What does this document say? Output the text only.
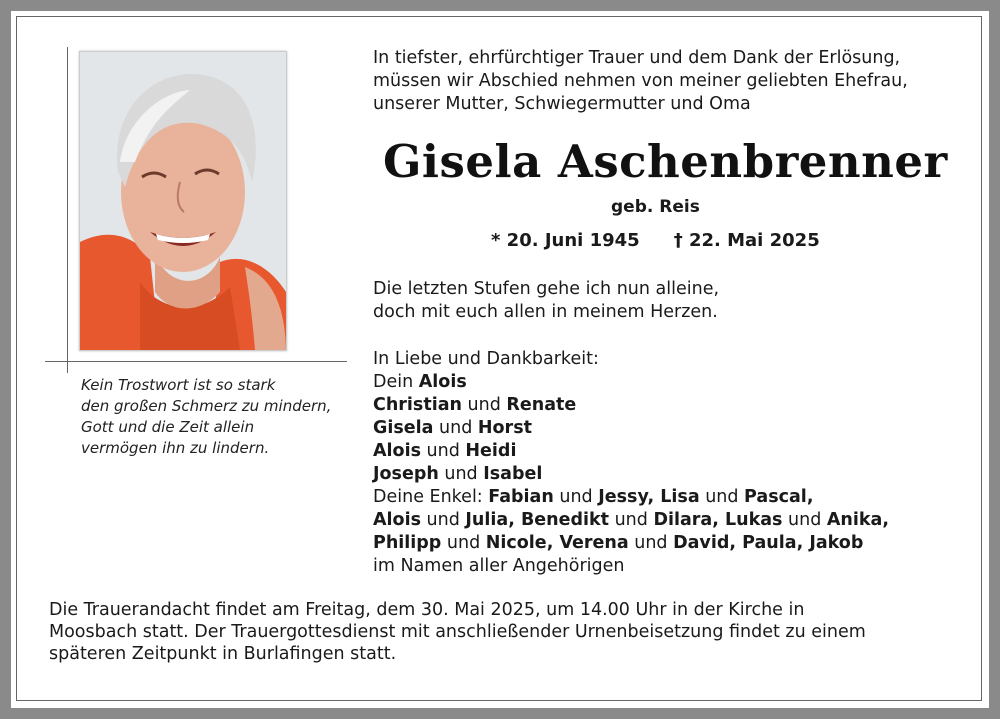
Kein Trostwort ist so stark
den großen Schmerz zu mindern,
Gott und die Zeit allein
vermögen ihn zu lindern.
In tiefster, ehrfürchtiger Trauer und dem Dank der Erlösung,
müssen wir Abschied nehmen von meiner geliebten Ehefrau,
unserer Mutter, Schwiegermutter und Oma
Gisela Aschenbrenner
geb. Reis
* 20. Juni 1945 † 22. Mai 2025
Die letzten Stufen gehe ich nun alleine,
doch mit euch allen in meinem Herzen.
In Liebe und Dankbarkeit:
Dein Alois
Christian und Renate
Gisela und Horst
Alois und Heidi
Joseph und Isabel
Deine Enkel: Fabian und Jessy, Lisa und Pascal,
Alois und Julia, Benedikt und Dilara, Lukas und Anika,
Philipp und Nicole, Verena und David, Paula, Jakob
im Namen aller Angehörigen
Die Trauerandacht findet am Freitag, dem 30. Mai 2025, um 14.00 Uhr in der Kirche in
Moosbach statt. Der Trauergottesdienst mit anschließender Urnenbeisetzung findet zu einem
späteren Zeitpunkt in Burlafingen statt.
